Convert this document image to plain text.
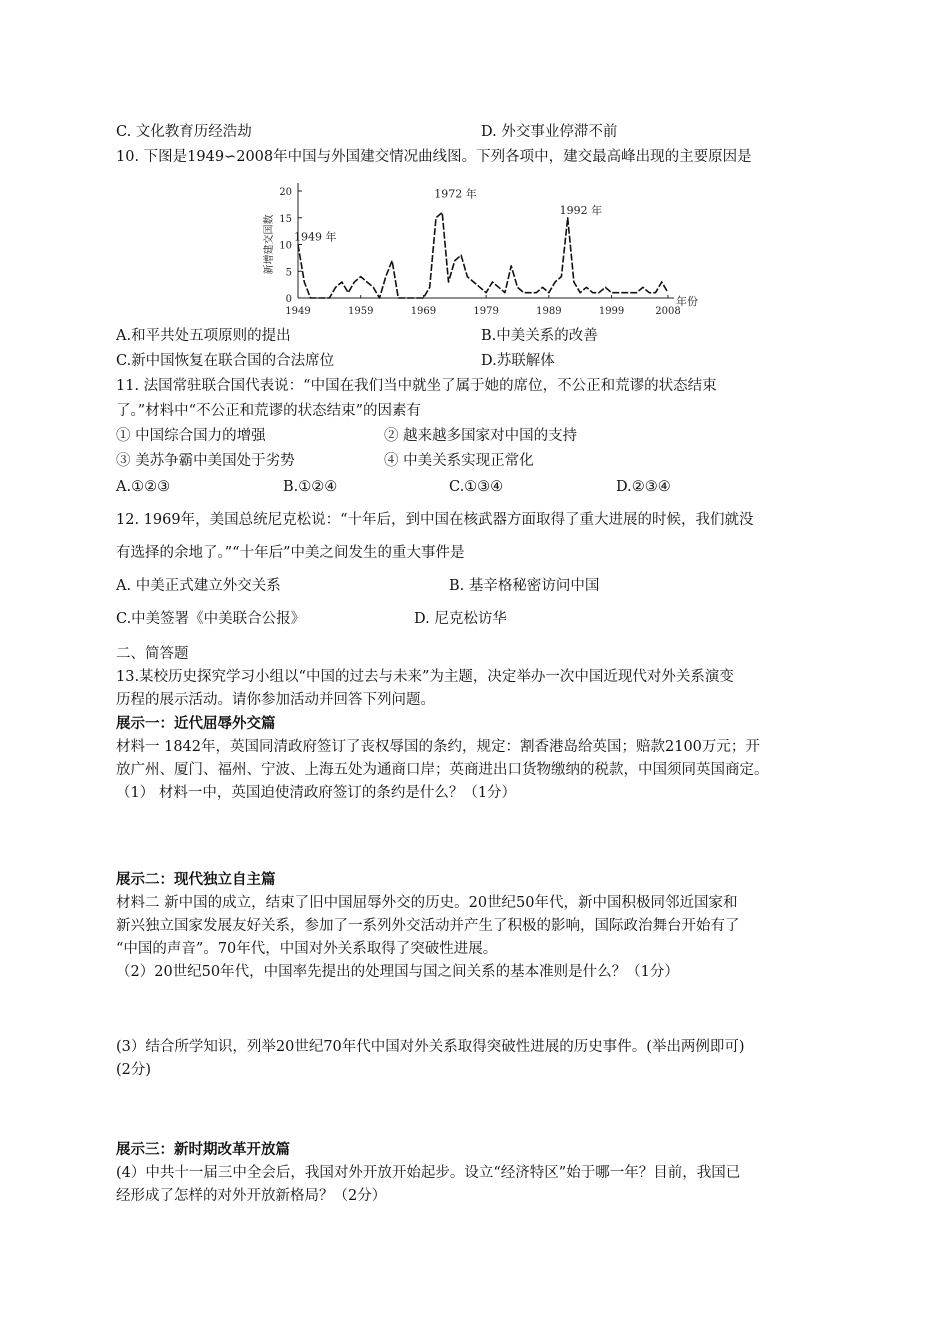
C. 文化教育历经浩劫	D. 外交事业停滞不前
10. 下图是1949∽2008年中国与外国建交情况曲线图。下列各项中，建交最高峰出现的主要原因是
新增建交国数
年份
0
5
10
15
20
1949	1959	1969	1979	1989	1999	2008
1949 年
1972 年
1992 年
A.和平共处五项原则的提出	B.中美关系的改善
C.新中国恢复在联合国的合法席位	D.苏联解体
11. 法国常驻联合国代表说：“中国在我们当中就坐了属于她的席位，不公正和荒谬的状态结束
了。”材料中“不公正和荒谬的状态结束”的因素有
① 中国综合国力的增强	② 越来越多国家对中国的支持
③ 美苏争霸中美国处于劣势	④ 中美关系实现正常化
A.①②③	B.①②④	C.①③④	D.②③④
12. 1969年，美国总统尼克松说：“十年后，到中国在核武器方面取得了重大进展的时候，我们就没
有选择的余地了。”“十年后”中美之间发生的重大事件是
A. 中美正式建立外交关系	B. 基辛格秘密访问中国
C.中美签署《中美联合公报》	D. 尼克松访华
二、简答题
13.某校历史探究学习小组以“中国的过去与未来”为主题，决定举办一次中国近现代对外关系演变
历程的展示活动。请你参加活动并回答下列问题。
展示一：近代屈辱外交篇
材料一 1842年，英国同清政府签订了丧权辱国的条约，规定：割香港岛给英国；赔款2100万元；开
放广州、厦门、福州、宁波、上海五处为通商口岸；英商进出口货物缴纳的税款，中国须同英国商定。
（1） 材料一中，英国迫使清政府签订的条约是什么？（1分）
展示二：现代独立自主篇
材料二 新中国的成立，结束了旧中国屈辱外交的历史。20世纪50年代，新中国积极同邻近国家和
新兴独立国家发展友好关系，参加了一系列外交活动并产生了积极的影响，国际政治舞台开始有了
“中国的声音”。70年代，中国对外关系取得了突破性进展。
（2）20世纪50年代，中国率先提出的处理国与国之间关系的基本准则是什么？（1分）
(3）结合所学知识，列举20世纪70年代中国对外关系取得突破性进展的历史事件。(举出两例即可)
(2分)
展示三：新时期改革开放篇
(4）中共十一届三中全会后，我国对外开放开始起步。设立“经济特区”始于哪一年？目前，我国已
经形成了怎样的对外开放新格局？（2分）
